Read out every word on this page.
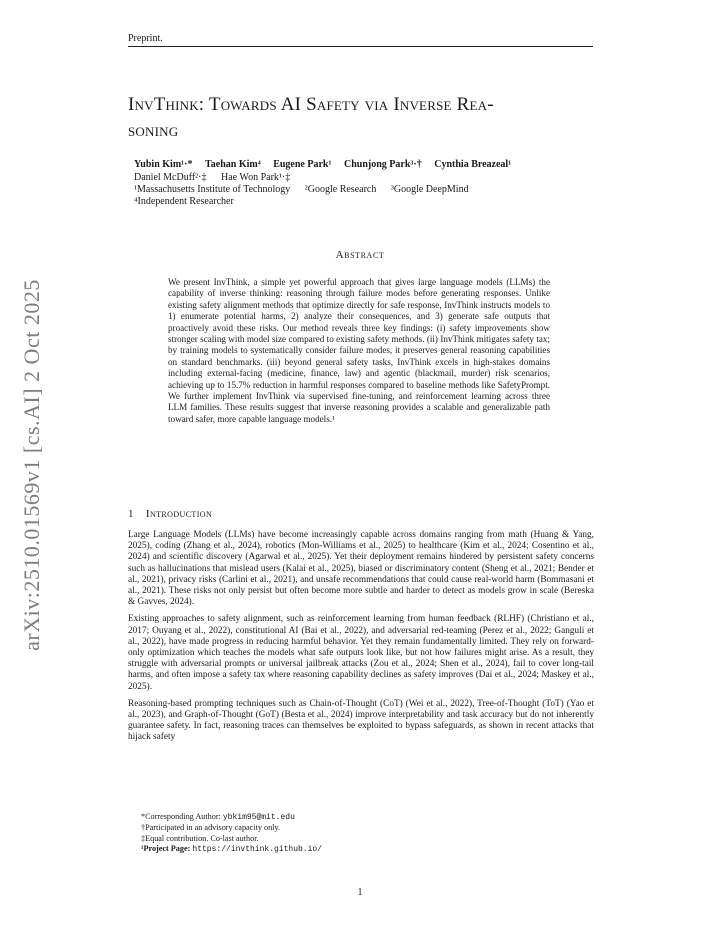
Preprint.
InvThink: Towards AI Safety via Inverse Rea-
soning
Yubin Kim¹·* Taehan Kim⁴ Eugene Park¹ Chunjong Park³·† Cynthia Breazeal¹
Daniel McDuff²·‡ Hae Won Park¹·‡
¹Massachusetts Institute of Technology ²Google Research ³Google DeepMind
⁴Independent Researcher
Abstract

We present InvThink, a simple yet powerful approach that gives large language models (LLMs) the capability of inverse thinking: reasoning through failure modes before generating responses. Unlike existing safety alignment methods that optimize directly for safe response, InvThink instructs models to 1) enumerate potential harms, 2) analyze their consequences, and 3) generate safe outputs that proactively avoid these risks. Our method reveals three key findings: (i) safety improvements show stronger scaling with model size compared to existing safety methods. (ii) InvThink mitigates safety tax; by training models to systematically consider failure modes, it preserves general reasoning capabilities on standard benchmarks. (iii) beyond general safety tasks, InvThink excels in high-stakes domains including external-facing (medicine, finance, law) and agentic (blackmail, murder) risk scenarios, achieving up to 15.7% reduction in harmful responses compared to baseline methods like SafetyPrompt. We further implement InvThink via supervised fine-tuning, and reinforcement learning across three LLM families. These results suggest that inverse reasoning provides a scalable and generalizable path toward safer, more capable language models.¹

arXiv:2510.01569v1 [cs.AI] 2 Oct 2025	1 Introduction

Large Language Models (LLMs) have become increasingly capable across domains ranging from math (Huang & Yang, 2025), coding (Zhang et al., 2024), robotics (Mon-Williams et al., 2025) to healthcare (Kim et al., 2024; Cosentino et al., 2024) and scientific discovery (Agarwal et al., 2025). Yet their deployment remains hindered by persistent safety concerns such as hallucinations that mislead users (Kalai et al., 2025), biased or discriminatory content (Sheng et al., 2021; Bender et al., 2021), privacy risks (Carlini et al., 2021), and unsafe recommendations that could cause real-world harm (Bommasani et al., 2021). These risks not only persist but often become more subtle and harder to detect as models grow in scale (Bereska & Gavves, 2024).

Existing approaches to safety alignment, such as reinforcement learning from human feedback (RLHF) (Christiano et al., 2017; Ouyang et al., 2022), constitutional AI (Bai et al., 2022), and adversarial red-teaming (Perez et al., 2022; Ganguli et al., 2022), have made progress in reducing harmful behavior. Yet they remain fundamentally limited. They rely on forward-only optimization which teaches the models what safe outputs look like, but not how failures might arise. As a result, they struggle with adversarial prompts or universal jailbreak attacks (Zou et al., 2024; Shen et al., 2024), fail to cover long-tail harms, and often impose a safety tax where reasoning capability declines as safety improves (Dai et al., 2024; Maskey et al., 2025).

Reasoning-based prompting techniques such as Chain-of-Thought (CoT) (Wei et al., 2022), Tree-of-Thought (ToT) (Yao et al., 2023), and Graph-of-Thought (GoT) (Besta et al., 2024) improve interpretability and task accuracy but do not inherently guarantee safety. In fact, reasoning traces can themselves be exploited to bypass safeguards, as shown in recent attacks that hijack safety

*Corresponding Author: ybkim95@mit.edu
†Participated in an advisory capacity only.
‡Equal contribution. Co-last author.
¹Project Page: https://invthink.github.io/
1
